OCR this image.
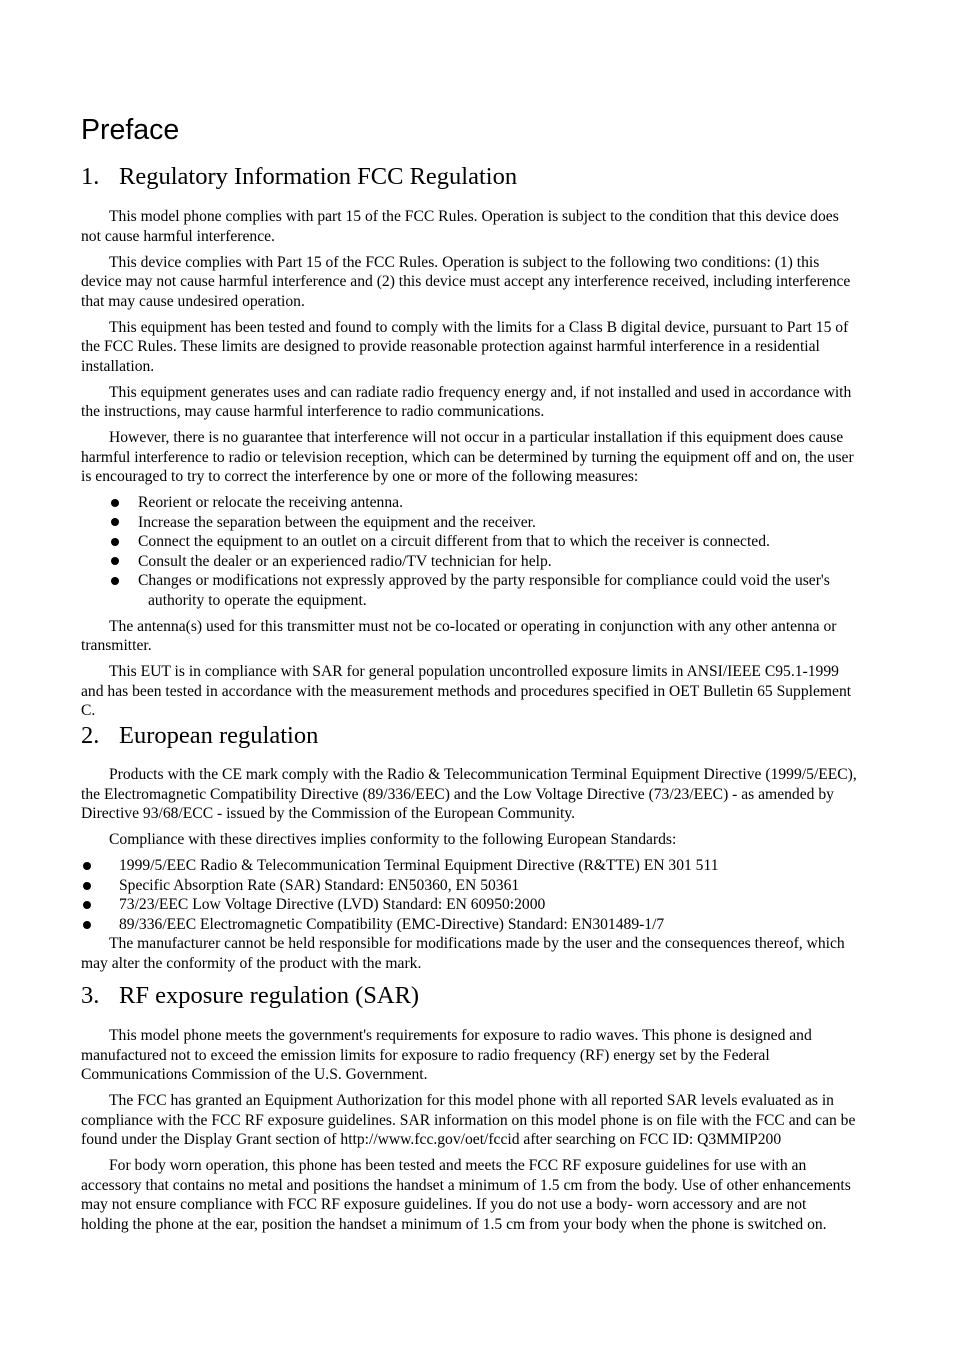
Preface
1. Regulatory Information FCC Regulation

This model phone complies with part 15 of the FCC Rules. Operation is subject to the condition that this device does not cause harmful interference.

This device complies with Part 15 of the FCC Rules. Operation is subject to the following two conditions: (1) this device may not cause harmful interference and (2) this device must accept any interference received, including interference that may cause undesired operation.

This equipment has been tested and found to comply with the limits for a Class B digital device, pursuant to Part 15 of the FCC Rules. These limits are designed to provide reasonable protection against harmful interference in a residential installation.

This equipment generates uses and can radiate radio frequency energy and, if not installed and used in accordance with the instructions, may cause harmful interference to radio communications.

However, there is no guarantee that interference will not occur in a particular installation if this equipment does cause harmful interference to radio or television reception, which can be determined by turning the equipment off and on, the user is encouraged to try to correct the interference by one or more of the following measures:

Reorient or relocate the receiving antenna.
Increase the separation between the equipment and the receiver.
Connect the equipment to an outlet on a circuit different from that to which the receiver is connected.
Consult the dealer or an experienced radio/TV technician for help.
Changes or modifications not expressly approved by the party responsible for compliance could void the user's authority to operate the equipment.

The antenna(s) used for this transmitter must not be co-located or operating in conjunction with any other antenna or transmitter.

This EUT is in compliance with SAR for general population uncontrolled exposure limits in ANSI/IEEE C95.1-1999 and has been tested in accordance with the measurement methods and procedures specified in OET Bulletin 65 Supplement C.

2. European regulation

Products with the CE mark comply with the Radio & Telecommunication Terminal Equipment Directive (1999/5/EEC), the Electromagnetic Compatibility Directive (89/336/EEC) and the Low Voltage Directive (73/23/EEC) - as amended by Directive 93/68/ECC - issued by the Commission of the European Community.

Compliance with these directives implies conformity to the following European Standards:

1999/5/EEC Radio & Telecommunication Terminal Equipment Directive (R&TTE) EN 301 511
Specific Absorption Rate (SAR) Standard: EN50360, EN 50361
73/23/EEC Low Voltage Directive (LVD) Standard: EN 60950:2000
89/336/EEC Electromagnetic Compatibility (EMC-Directive) Standard: EN301489-1/7

The manufacturer cannot be held responsible for modifications made by the user and the consequences thereof, which may alter the conformity of the product with the mark.

3. RF exposure regulation (SAR)

This model phone meets the government's requirements for exposure to radio waves. This phone is designed and manufactured not to exceed the emission limits for exposure to radio frequency (RF) energy set by the Federal Communications Commission of the U.S. Government.

The FCC has granted an Equipment Authorization for this model phone with all reported SAR levels evaluated as in compliance with the FCC RF exposure guidelines. SAR information on this model phone is on file with the FCC and can be found under the Display Grant section of http://www.fcc.gov/oet/fccid after searching on FCC ID: Q3MMIP200

For body worn operation, this phone has been tested and meets the FCC RF exposure guidelines for use with an accessory that contains no metal and positions the handset a minimum of 1.5 cm from the body. Use of other enhancements may not ensure compliance with FCC RF exposure guidelines. If you do not use a body- worn accessory and are not holding the phone at the ear, position the handset a minimum of 1.5 cm from your body when the phone is switched on.
